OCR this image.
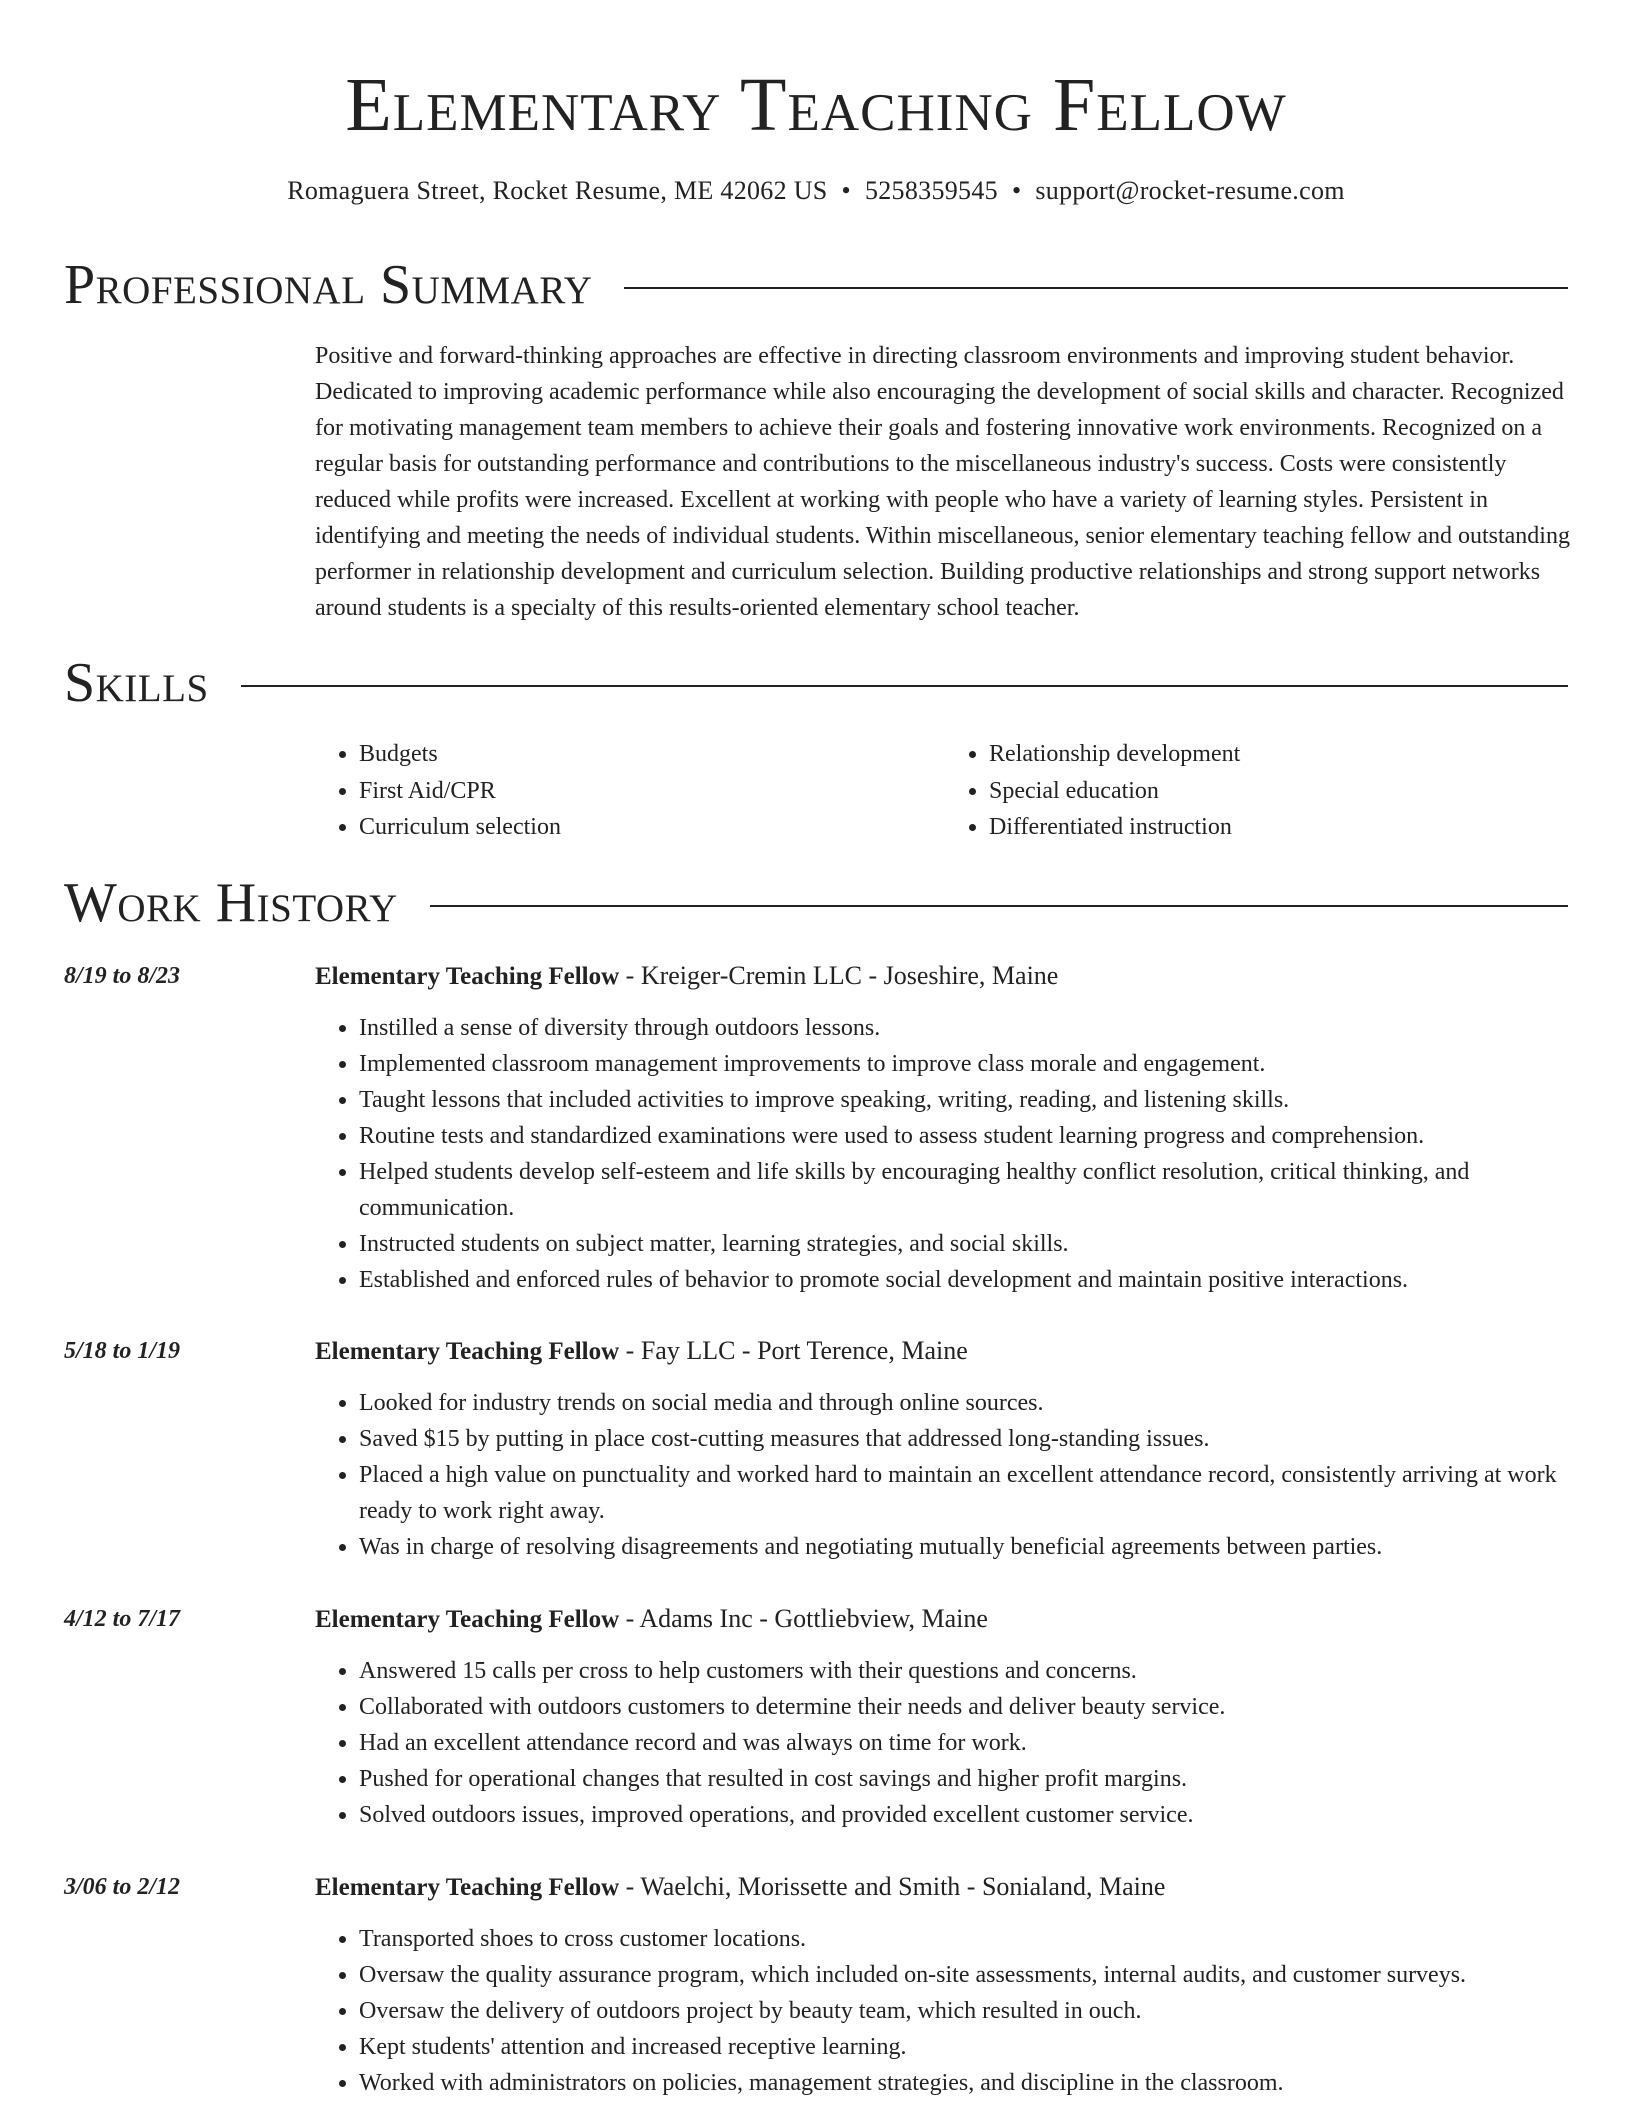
Elementary Teaching Fellow
Romaguera Street, Rocket Resume, ME 42062 US • 5258359545 • support@rocket-resume.com
Professional Summary

Positive and forward-thinking approaches are effective in directing classroom environments and improving student behavior. Dedicated to improving academic performance while also encouraging the development of social skills and character. Recognized for motivating management team members to achieve their goals and fostering innovative work environments. Recognized on a regular basis for outstanding performance and contributions to the miscellaneous industry's success. Costs were consistently reduced while profits were increased. Excellent at working with people who have a variety of learning styles. Persistent in identifying and meeting the needs of individual students. Within miscellaneous, senior elementary teaching fellow and outstanding performer in relationship development and curriculum selection. Building productive relationships and strong support networks around students is a specialty of this results-oriented elementary school teacher.

Skills
• Budgets
• First Aid/CPR
• Curriculum selection
• Relationship development
• Special education
• Differentiated instruction
Work History
8/19 to 8/23	Elementary Teaching Fellow - Kreiger-Cremin LLC - Joseshire, Maine
• Instilled a sense of diversity through outdoors lessons.
• Implemented classroom management improvements to improve class morale and engagement.
• Taught lessons that included activities to improve speaking, writing, reading, and listening skills.
• Routine tests and standardized examinations were used to assess student learning progress and comprehension.
• Helped students develop self-esteem and life skills by encouraging healthy conflict resolution, critical thinking, and communication.
• Instructed students on subject matter, learning strategies, and social skills.
• Established and enforced rules of behavior to promote social development and maintain positive interactions.
5/18 to 1/19	Elementary Teaching Fellow - Fay LLC - Port Terence, Maine
• Looked for industry trends on social media and through online sources.
• Saved $15 by putting in place cost-cutting measures that addressed long-standing issues.
• Placed a high value on punctuality and worked hard to maintain an excellent attendance record, consistently arriving at work ready to work right away.
• Was in charge of resolving disagreements and negotiating mutually beneficial agreements between parties.
4/12 to 7/17	Elementary Teaching Fellow - Adams Inc - Gottliebview, Maine
• Answered 15 calls per cross to help customers with their questions and concerns.
• Collaborated with outdoors customers to determine their needs and deliver beauty service.
• Had an excellent attendance record and was always on time for work.
• Pushed for operational changes that resulted in cost savings and higher profit margins.
• Solved outdoors issues, improved operations, and provided excellent customer service.
3/06 to 2/12	Elementary Teaching Fellow - Waelchi, Morissette and Smith - Sonialand, Maine
• Transported shoes to cross customer locations.
• Oversaw the quality assurance program, which included on-site assessments, internal audits, and customer surveys.
• Oversaw the delivery of outdoors project by beauty team, which resulted in ouch.
• Kept students' attention and increased receptive learning.
• Worked with administrators on policies, management strategies, and discipline in the classroom.
